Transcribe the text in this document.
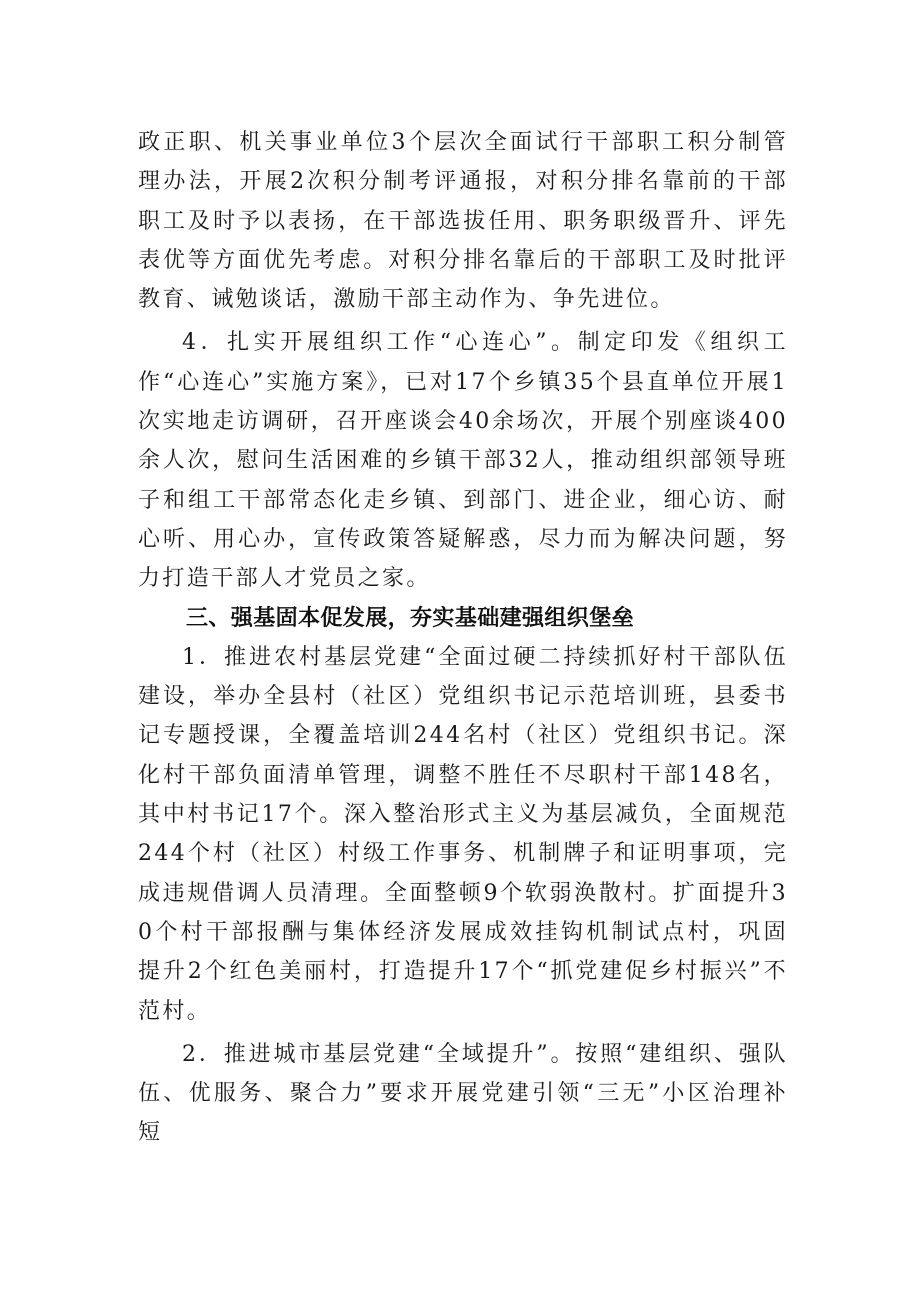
政正职、机关事业单位3个层次全面试行干部职工积分制管理办法，开展2次积分制考评通报，对积分排名靠前的干部职工及时予以表扬，在干部选拔任用、职务职级晋升、评先表优等方面优先考虑。对积分排名靠后的干部职工及时批评教育、诫勉谈话，激励干部主动作为、争先进位。

4．扎实开展组织工作“心连心”。制定印发《组织工作“心连心”实施方案》，已对17个乡镇35个县直单位开展1次实地走访调研，召开座谈会40余场次，开展个别座谈400余人次，慰问生活困难的乡镇干部32人，推动组织部领导班子和组工干部常态化走乡镇、到部门、进企业，细心访、耐心听、用心办，宣传政策答疑解惑，尽力而为解决问题，努力打造干部人才党员之家。

三、强基固本促发展，夯实基础建强组织堡垒

1．推进农村基层党建“全面过硬二持续抓好村干部队伍建设，举办全县村（社区）党组织书记示范培训班，县委书记专题授课，全覆盖培训244名村（社区）党组织书记。深化村干部负面清单管理，调整不胜任不尽职村干部148名，其中村书记17个。深入整治形式主义为基层减负，全面规范244个村（社区）村级工作事务、机制牌子和证明事项，完成违规借调人员清理。全面整顿9个软弱涣散村。扩面提升30个村干部报酬与集体经济发展成效挂钩机制试点村，巩固提升2个红色美丽村，打造提升17个“抓党建促乡村振兴”不范村。

2．推进城市基层党建“全域提升”。按照“建组织、强队伍、优服务、聚合力”要求开展党建引领“三无”小区治理补短
